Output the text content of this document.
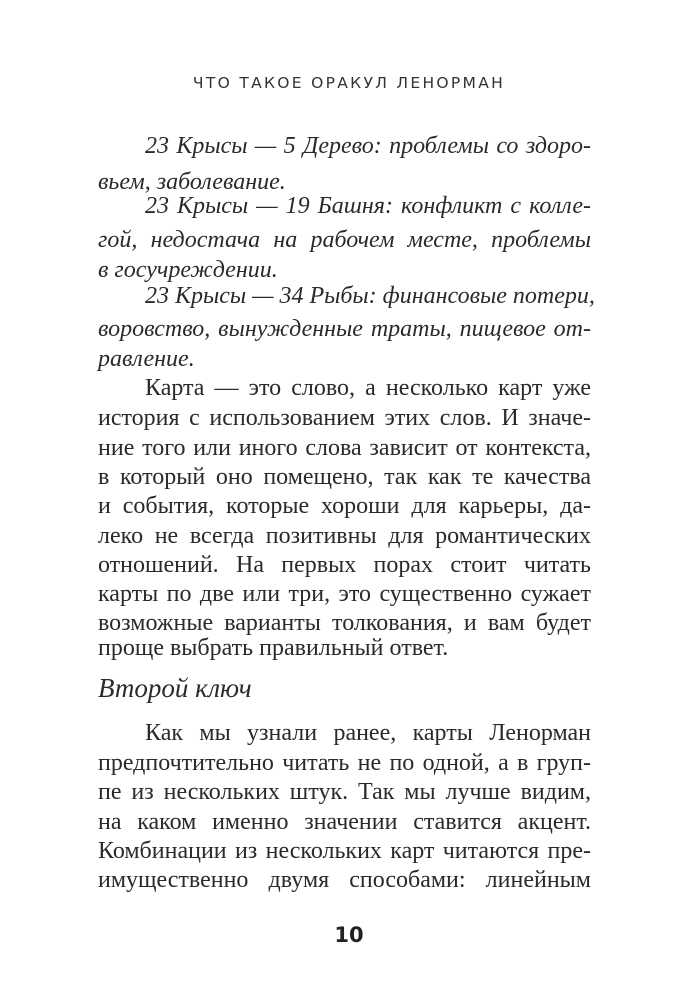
ЧТО ТАКОЕ ОРАКУЛ ЛЕНОРМАН
23 Крысы — 5 Дерево: проблемы со здоро-
вьем, заболевание.
23 Крысы — 19 Башня: конфликт с колле-
гой, недостача на рабочем месте, проблемы
в госучреждении.
23 Крысы — 34 Рыбы: финансовые потери,
воровство, вынужденные траты, пищевое от-
равление.
Карта — это слово, а несколько карт уже
история с использованием этих слов. И значе-
ние того или иного слова зависит от контекста,
в который оно помещено, так как те качества
и события, которые хороши для карьеры, да-
леко не всегда позитивны для романтических
отношений. На первых порах стоит читать
карты по две или три, это существенно сужает
возможные варианты толкования, и вам будет
проще выбрать правильный ответ.
Второй ключ
Как мы узнали ранее, карты Ленорман
предпочтительно читать не по одной, а в груп-
пе из нескольких штук. Так мы лучше видим,
на каком именно значении ставится акцент.
Комбинации из нескольких карт читаются пре-
имущественно двумя способами: линейным
10
